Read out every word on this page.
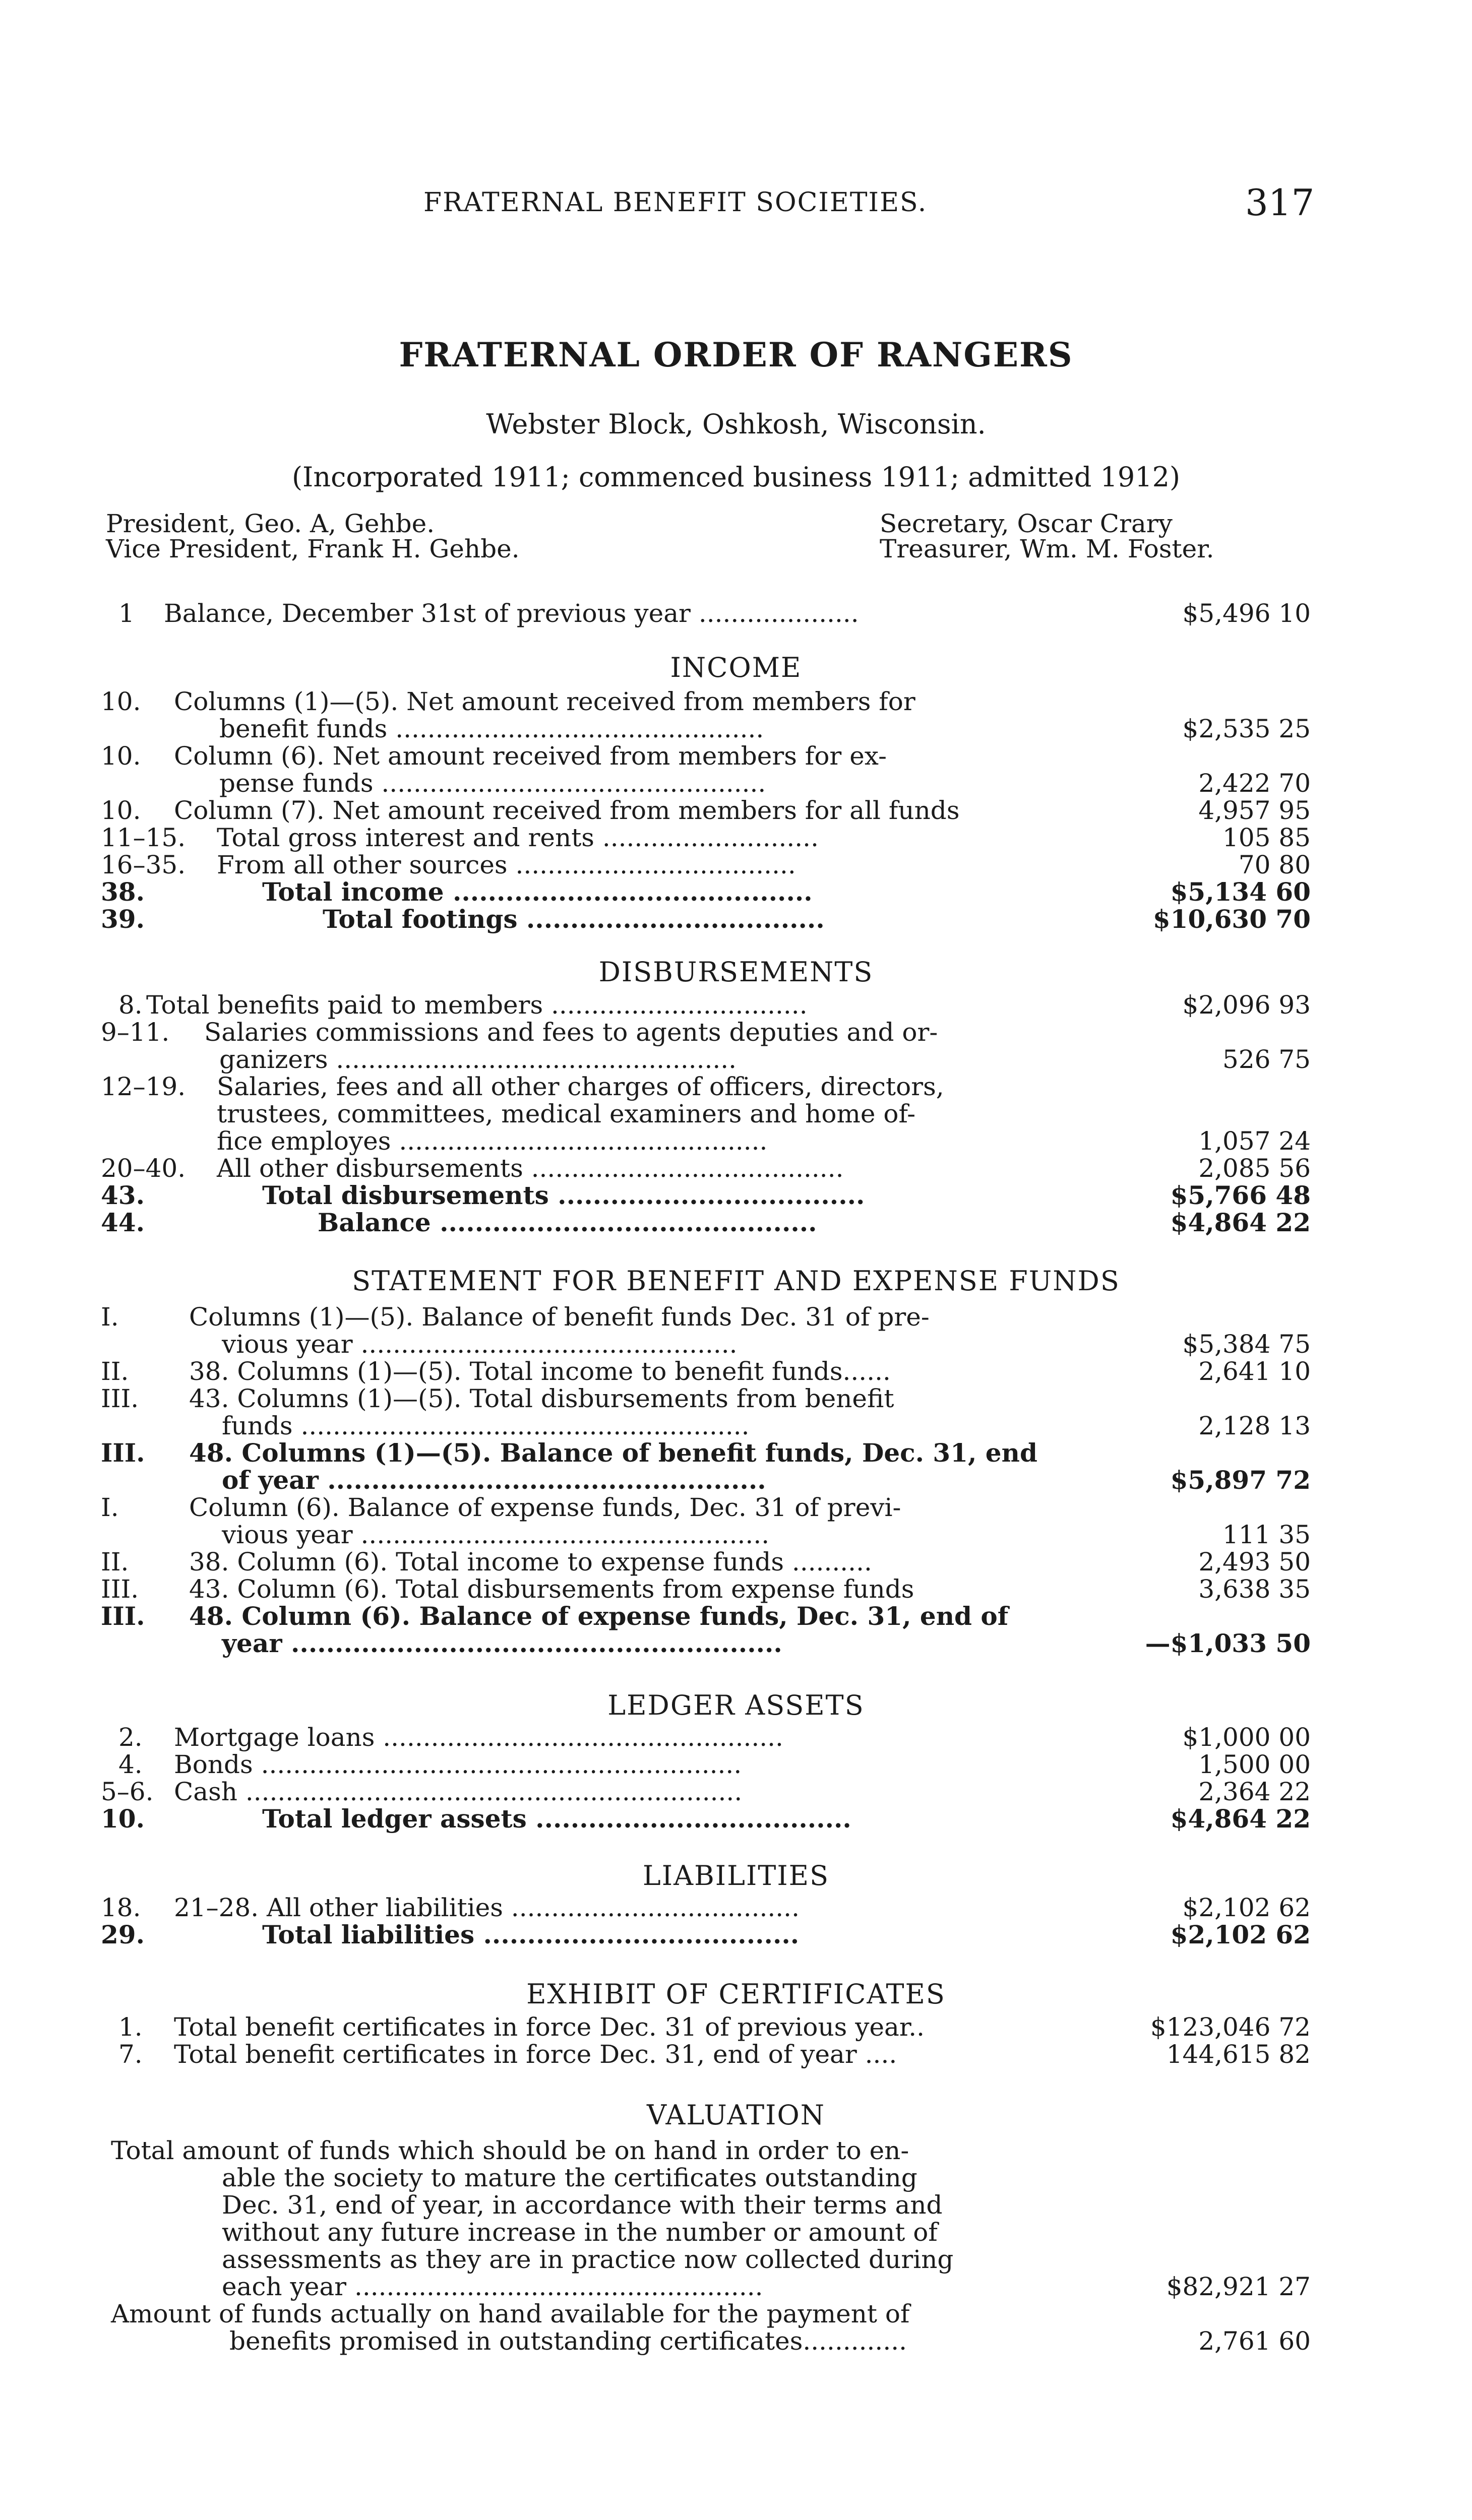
FRATERNAL BENEFIT SOCIETIES.	317
FRATERNAL ORDER OF RANGERS
Webster Block, Oshkosh, Wisconsin.
(Incorporated 1911; commenced business 1911; admitted 1912)
President, Geo. A, Gehbe.
Vice President, Frank H. Gehbe.
Secretary, Oscar Crary
Treasurer, Wm. M. Foster.
1 Balance, December 31st of previous year ....................	$5,496 10
INCOME
10. Columns (1)—(5). Net amount received from members for
benefit funds ..............................................	$2,535 25
10. Column (6). Net amount received from members for ex-
pense funds ................................................	2,422 70
10. Column (7). Net amount received from members for all funds	4,957 95
11–15. Total gross interest and rents ...........................	105 85
16–35. From all other sources ...................................	70 80
38.	Total income .........................................	$5,134 60
39.	Total footings ..................................	$10,630 70
DISBURSEMENTS
8. Total benefits paid to members ................................	$2,096 93
9–11. Salaries commissions and fees to agents deputies and or-
ganizers ..................................................	526 75
12–19. Salaries, fees and all other charges of officers, directors,
trustees, committees, medical examiners and home of-
fice employes ..............................................	1,057 24
20–40. All other disbursements .......................................	2,085 56
43.	Total disbursements ...................................	$5,766 48
44.	Balance ...........................................	$4,864 22
STATEMENT FOR BENEFIT AND EXPENSE FUNDS
I.	Columns (1)—(5). Balance of benefit funds Dec. 31 of pre-
vious year ...............................................	$5,384 75
II. 38. Columns (1)—(5). Total income to benefit funds......	2,641 10
III. 43. Columns (1)—(5). Total disbursements from benefit
funds ........................................................	2,128 13
III. 48. Columns (1)—(5). Balance of benefit funds, Dec. 31, end
of year ..................................................	$5,897 72
I.	Column (6). Balance of expense funds, Dec. 31 of previ-
vious year ...................................................	111 35
II. 38. Column (6). Total income to expense funds ..........	2,493 50
III. 43. Column (6). Total disbursements from expense funds	3,638 35
III. 48. Column (6). Balance of expense funds, Dec. 31, end of
year ........................................................	—$1,033 50
LEDGER ASSETS
2. Mortgage loans ..................................................	$1,000 00
4. Bonds ............................................................	1,500 00
5–6. Cash ..............................................................	2,364 22
10.	Total ledger assets ....................................	$4,864 22
LIABILITIES
18. 21–28. All other liabilities ....................................	$2,102 62
29.	Total liabilities ....................................	$2,102 62
EXHIBIT OF CERTIFICATES
1. Total benefit certificates in force Dec. 31 of previous year..	$123,046 72
7. Total benefit certificates in force Dec. 31, end of year ....	144,615 82
VALUATION
Total amount of funds which should be on hand in order to en-
able the society to mature the certificates outstanding
Dec. 31, end of year, in accordance with their terms and
without any future increase in the number or amount of
assessments as they are in practice now collected during
each year ...................................................	$82,921 27
Amount of funds actually on hand available for the payment of
benefits promised in outstanding certificates.............	2,761 60
